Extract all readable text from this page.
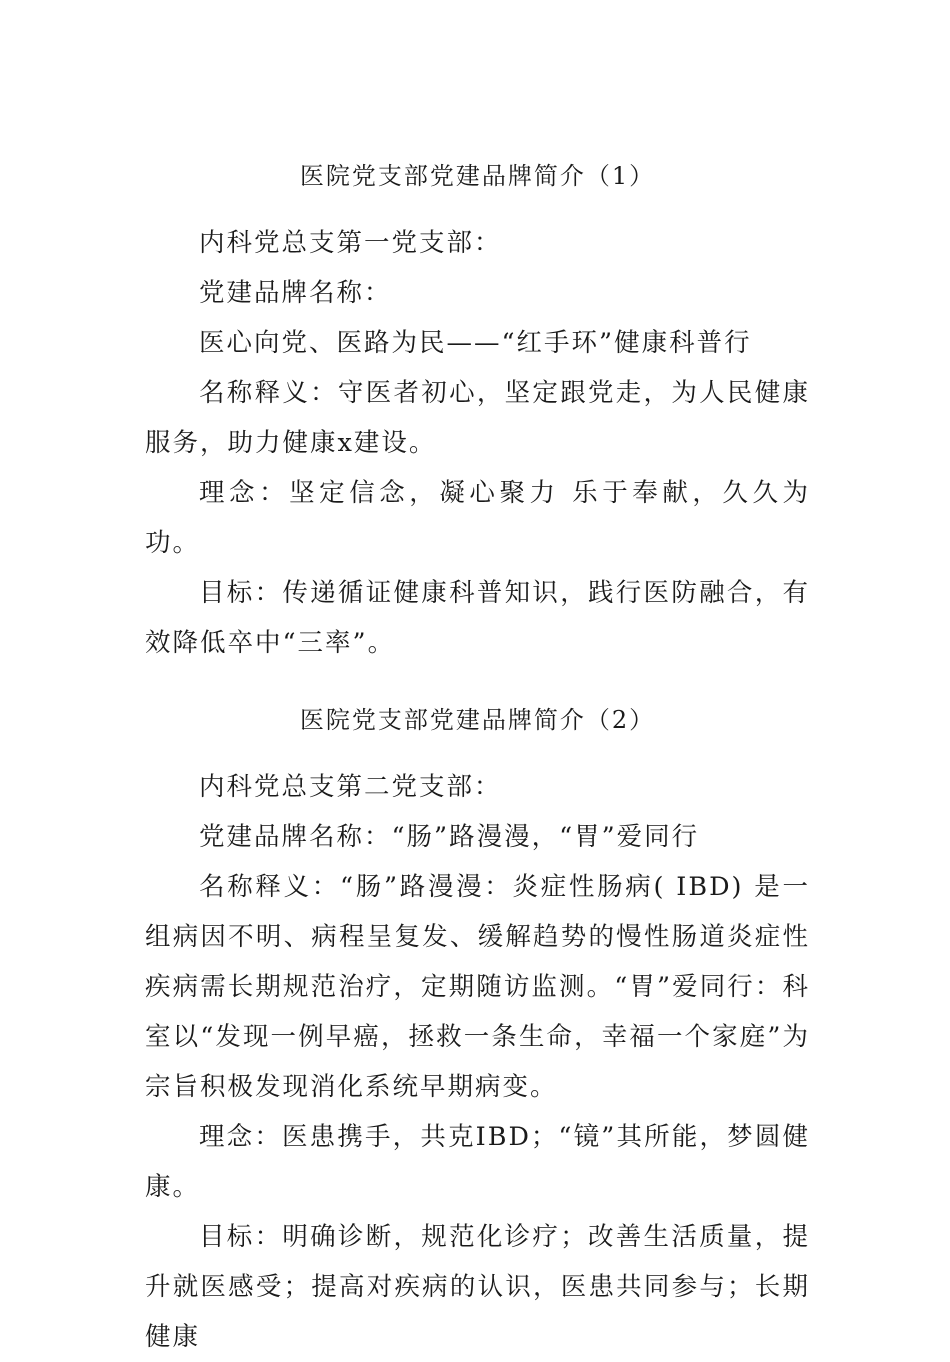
医院党支部党建品牌简介（1）

内科党总支第一党支部：

党建品牌名称：

医心向党、医路为民——“红手环”健康科普行

名称释义：守医者初心，坚定跟党走，为人民健康服务，助力健康x建设。

理念：坚定信念，凝心聚力 乐于奉献，久久为功。

目标：传递循证健康科普知识，践行医防融合，有效降低卒中“三率”。

医院党支部党建品牌简介（2）

内科党总支第二党支部：

党建品牌名称：“肠”路漫漫，“胃”爱同行

名称释义：“肠”路漫漫：炎症性肠病( IBD) 是一组病因不明、病程呈复发、缓解趋势的慢性肠道炎症性疾病需长期规范治疗，定期随访监测。“胃”爱同行：科室以“发现一例早癌，拯救一条生命，幸福一个家庭”为宗旨积极发现消化系统早期病变。

理念：医患携手，共克IBD；“镜”其所能，梦圆健康。

目标：明确诊断，规范化诊疗；改善生活质量，提升就医感受；提高对疾病的认识，医患共同参与；长期健康
